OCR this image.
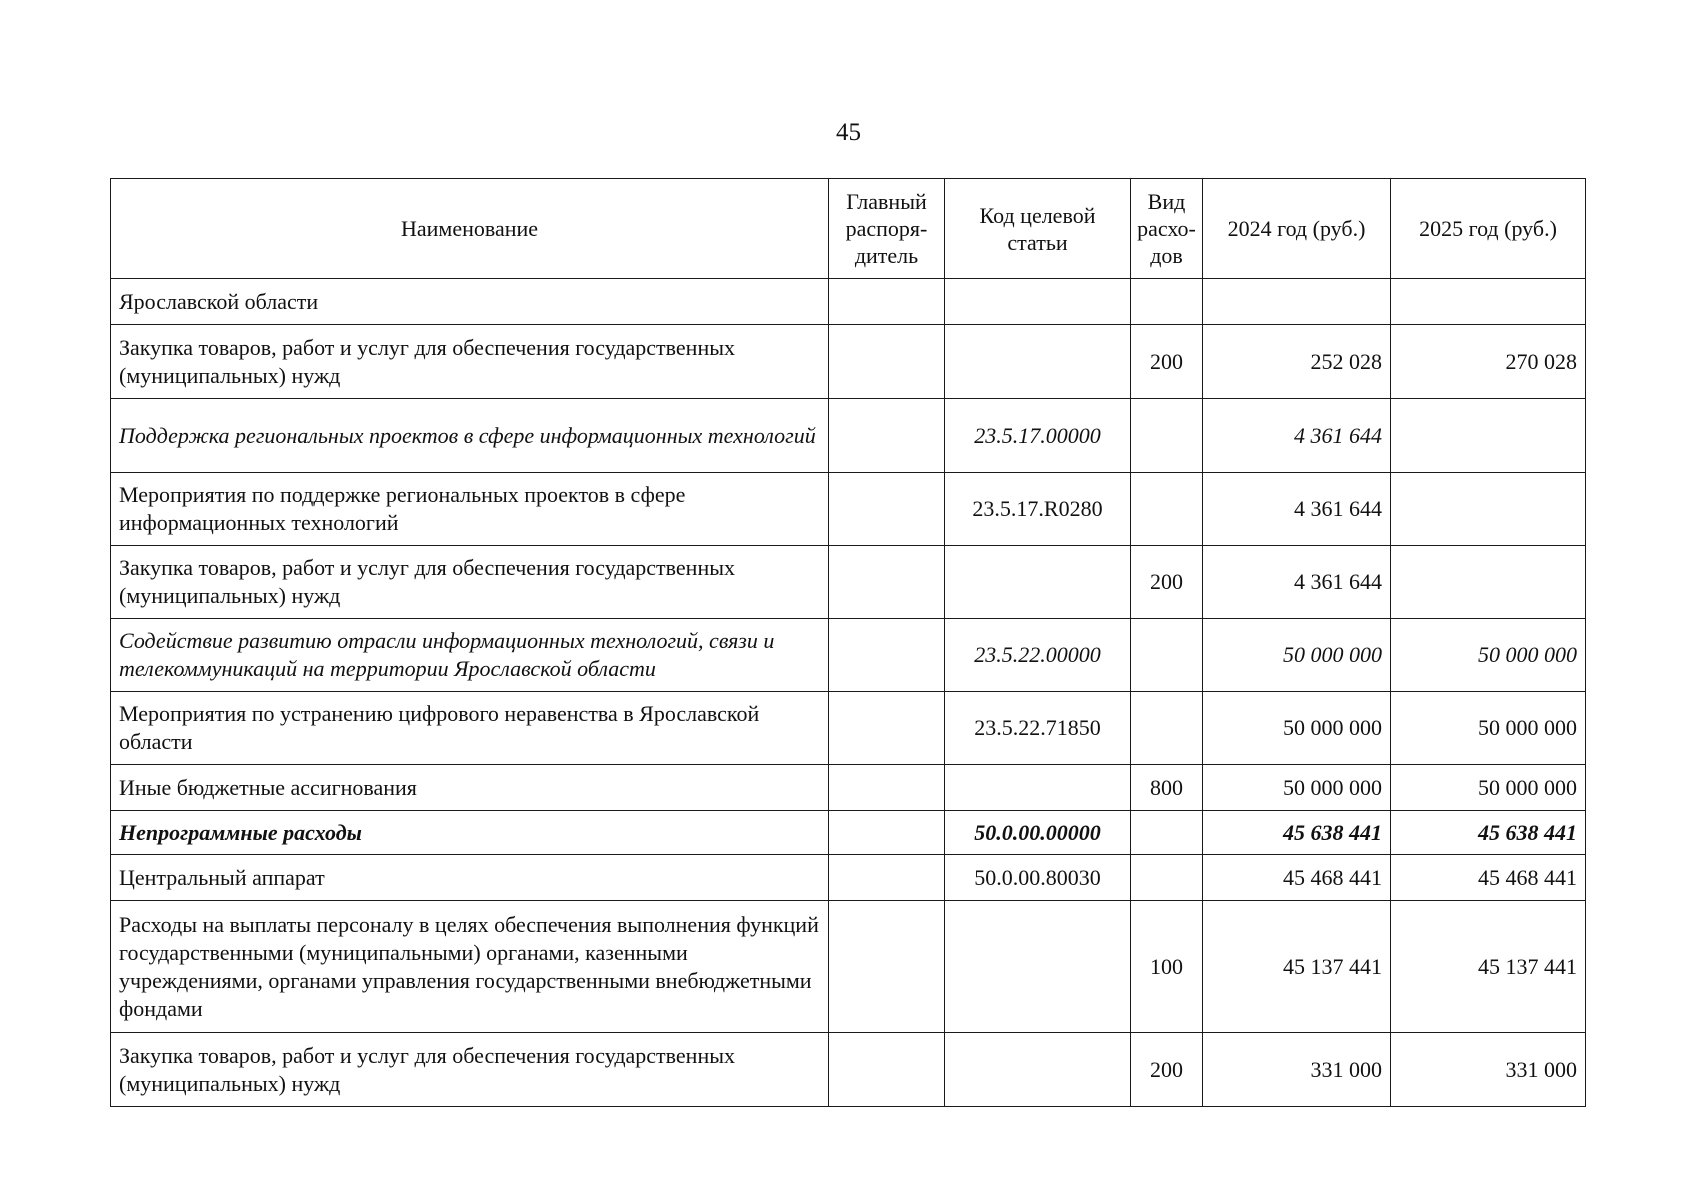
45
Наименование	Главный распоря-дитель	Код целевой статьи	Вид расхо-дов	2024 год (руб.)	2025 год (руб.)
Ярославской области					
Закупка товаров, работ и услуг для обеспечения государственных (муниципальных) нужд			200	252 028	270 028
Поддержка региональных проектов в сфере информационных технологий		23.5.17.00000		4 361 644	
Мероприятия по поддержке региональных проектов в сфере информационных технологий		23.5.17.R0280		4 361 644	
Закупка товаров, работ и услуг для обеспечения государственных (муниципальных) нужд			200	4 361 644	
Содействие развитию отрасли информационных технологий, связи и телекоммуникаций на территории Ярославской области		23.5.22.00000		50 000 000	50 000 000
Мероприятия по устранению цифрового неравенства в Ярославской области		23.5.22.71850		50 000 000	50 000 000
Иные бюджетные ассигнования			800	50 000 000	50 000 000
Непрограммные расходы		50.0.00.00000		45 638 441	45 638 441
Центральный аппарат		50.0.00.80030		45 468 441	45 468 441
Расходы на выплаты персоналу в целях обеспечения выполнения функций государственными (муниципальными) органами, казенными учреждениями, органами управления государственными внебюджетными фондами			100	45 137 441	45 137 441
Закупка товаров, работ и услуг для обеспечения государственных (муниципальных) нужд			200	331 000	331 000
